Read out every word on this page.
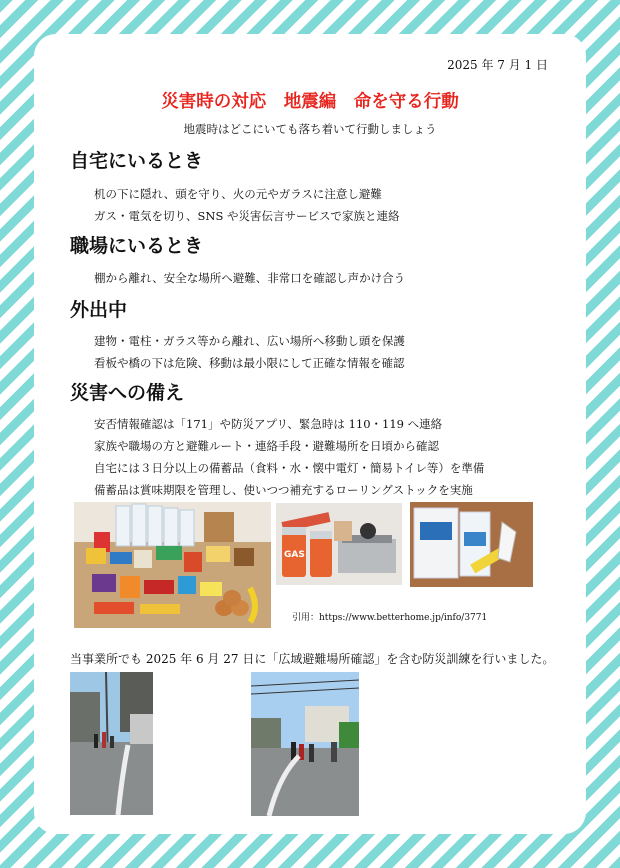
2025 年 7 月 1 日
災害時の対応　地震編　命を守る行動
地震時はどこにいても落ち着いて行動しましょう
自宅にいるとき
机の下に隠れ、頭を守り、火の元やガラスに注意し避難
ガス・電気を切り、SNS や災害伝言サービスで家族と連絡
職場にいるとき
棚から離れ、安全な場所へ避難、非常口を確認し声かけ合う
外出中
建物・電柱・ガラス等から離れ、広い場所へ移動し頭を保護
看板や橋の下は危険、移動は最小限にして正確な情報を確認
災害への備え
安否情報確認は「171」や防災アプリ、緊急時は 110・119 へ連絡
家族や職場の方と避難ルート・連絡手段・避難場所を日頃から確認
自宅には３日分以上の備蓄品（食料・水・懐中電灯・簡易トイレ等）を準備
備蓄品は賞味期限を管理し、使いつつ補充するローリングストックを実施
GAS
引用：https://www.betterhome.jp/info/3771
当事業所でも 2025 年 6 月 27 日に「広域避難場所確認」を含む防災訓練を行いました。
